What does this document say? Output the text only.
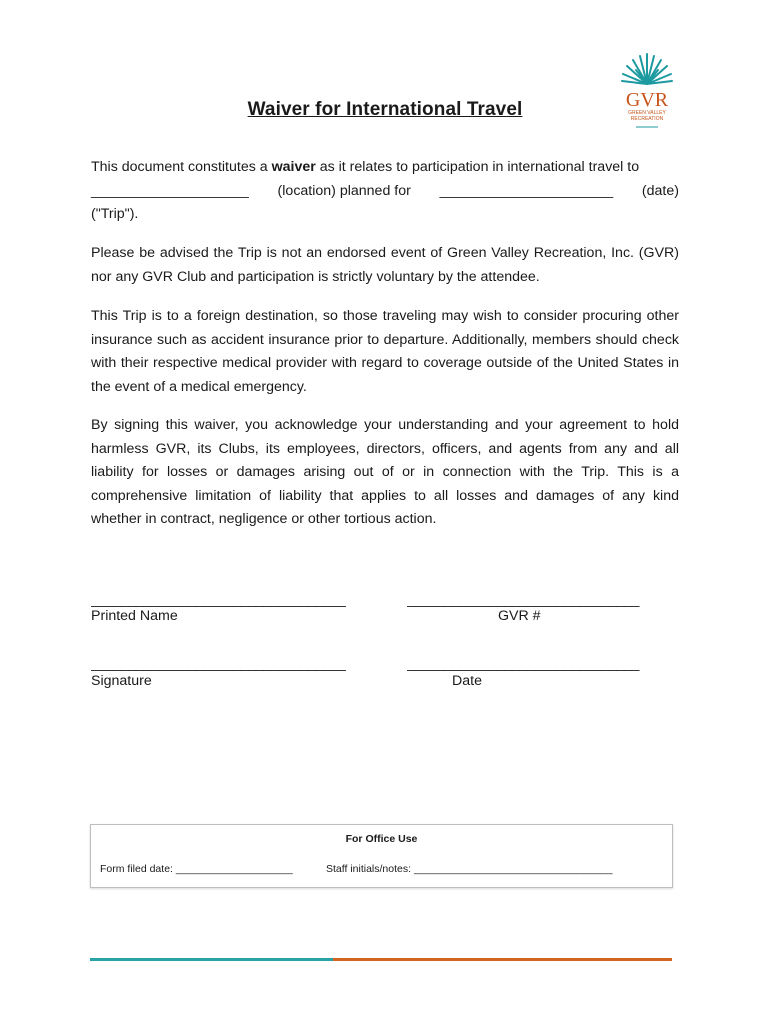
GVR
GREEN VALLEY
RECREATION
Waiver for International Travel
This document constitutes a waiver as it relates to participation in international travel to
____________________ (location) planned for ______________________ (date)
("Trip").

Please be advised the Trip is not an endorsed event of Green Valley Recreation, Inc. (GVR) nor any GVR Club and participation is strictly voluntary by the attendee.

This Trip is to a foreign destination, so those traveling may wish to consider procuring other insurance such as accident insurance prior to departure. Additionally, members should check with their respective medical provider with regard to coverage outside of the United States in the event of a medical emergency.

By signing this waiver, you acknowledge your understanding and your agreement to hold harmless GVR, its Clubs, its employees, directors, officers, and agents from any and all liability for losses or damages arising out of or in connection with the Trip. This is a comprehensive limitation of liability that applies to all losses and damages of any kind whether in contract, negligence or other tortious action.

__________________________________
Printed Name
_______________________________
GVR #
__________________________________
Signature
_______________________________
Date
For Office Use
Form filed date: ____________________	Staff initials/notes: __________________________________
